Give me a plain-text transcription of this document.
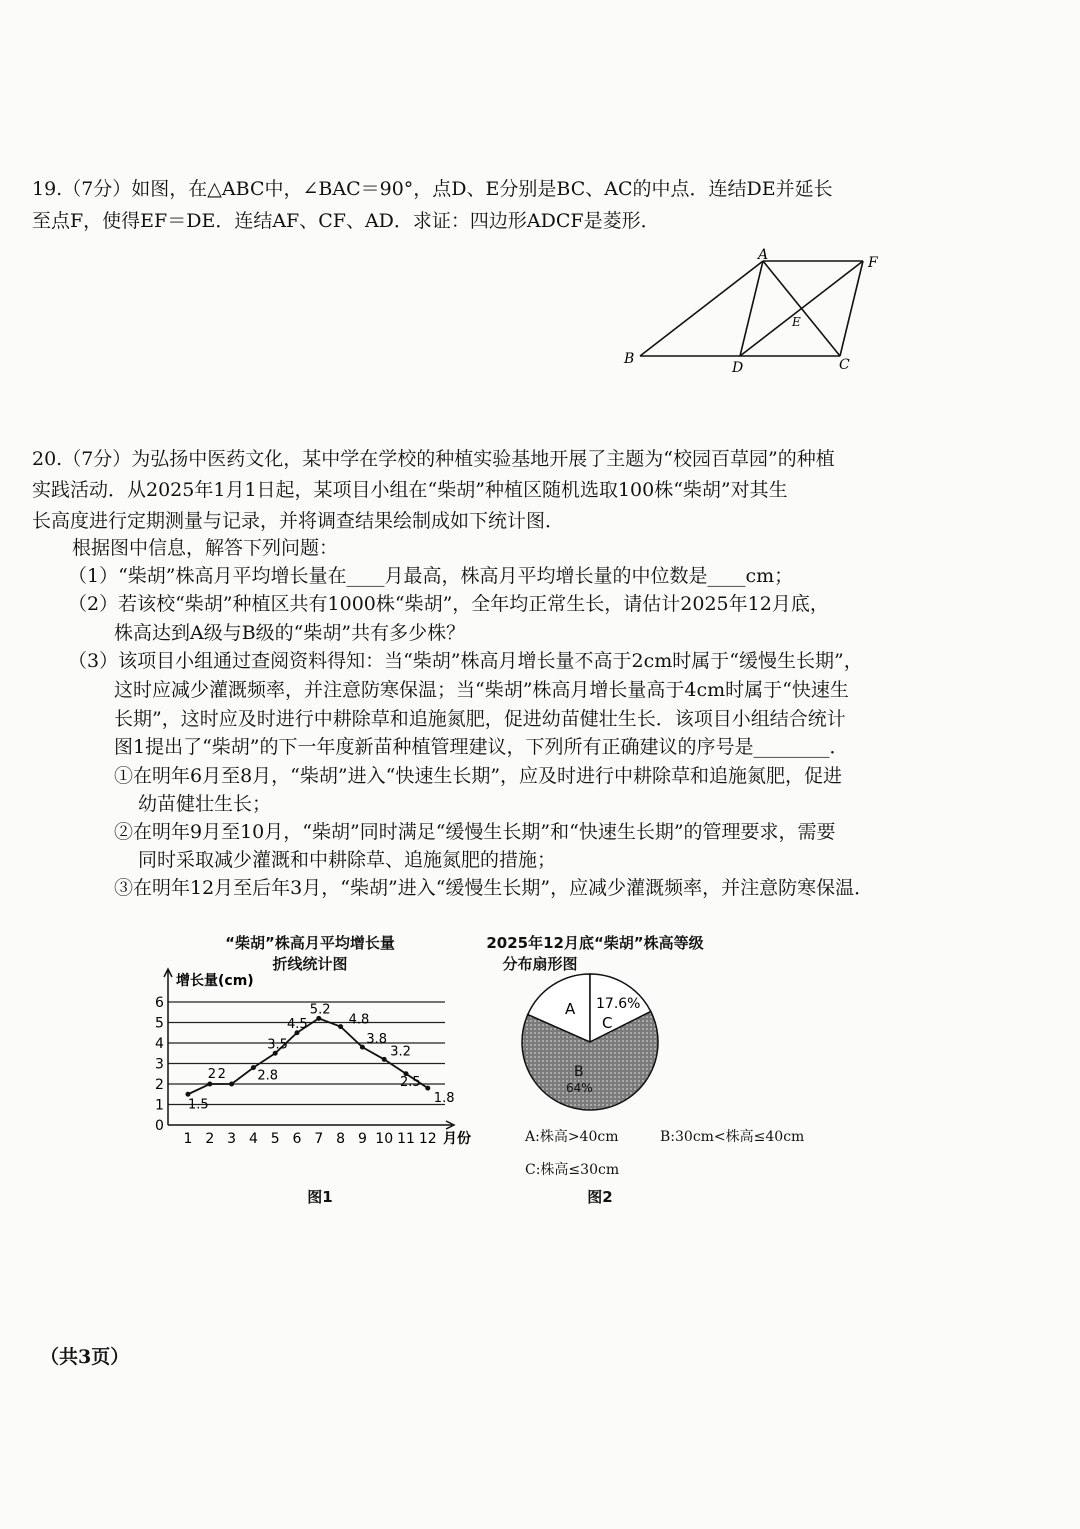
19.（7分）如图，在△ABC中，∠BAC＝90°，点D、E分别是BC、AC的中点．连结DE并延长
至点F，使得EF＝DE．连结AF、CF、AD．求证：四边形ADCF是菱形．
A
B	C
D
E
F
20.（7分）为弘扬中医药文化，某中学在学校的种植实验基地开展了主题为“校园百草园”的种植
实践活动．从2025年1月1日起，某项目小组在“柴胡”种植区随机选取100株“柴胡”对其生
长高度进行定期测量与记录，并将调查结果绘制成如下统计图．
根据图中信息，解答下列问题：
（1）“柴胡”株高月平均增长量在____月最高，株高月平均增长量的中位数是____cm；
（2）若该校“柴胡”种植区共有1000株“柴胡”，全年均正常生长，请估计2025年12月底，
株高达到A级与B级的“柴胡”共有多少株？
（3）该项目小组通过查阅资料得知：当“柴胡”株高月增长量不高于2cm时属于“缓慢生长期”，
这时应减少灌溉频率，并注意防寒保温；当“柴胡”株高月增长量高于4cm时属于“快速生
长期”，这时应及时进行中耕除草和追施氮肥，促进幼苗健壮生长．该项目小组结合统计
图1提出了“柴胡”的下一年度新苗种植管理建议，下列所有正确建议的序号是________．
①在明年6月至8月，“柴胡”进入“快速生长期”，应及时进行中耕除草和追施氮肥，促进
幼苗健壮生长；
②在明年9月至10月，“柴胡”同时满足“缓慢生长期”和“快速生长期”的管理要求，需要
同时采取减少灌溉和中耕除草、追施氮肥的措施；
③在明年12月至后年3月，“柴胡”进入“缓慢生长期”，应减少灌溉频率，并注意防寒保温．
“柴胡”株高月平均增长量
折线统计图
0
1
2
3
4
5
6
1 2 3 4 5 6 7 8 9 10 11 12
增长量(cm)
月份
1.5
2 2 2.8
3.5
4.5
5.2
4.8
3.8
3.2
2.5
1.8
图1
2025年12月底“柴胡”株高等级
分布扇形图
A 17.6%
C
B
64%
A:株高>40cm	B:30cm<株高≤40cm
C:株高≤30cm
图2
（共3页）
